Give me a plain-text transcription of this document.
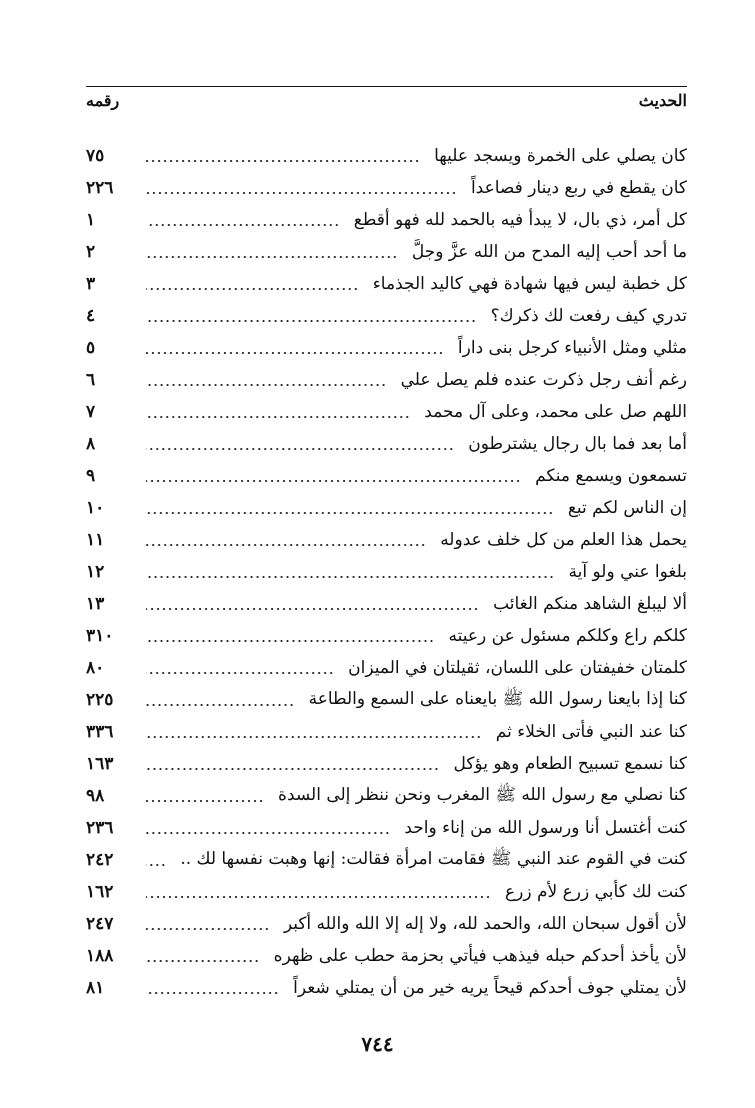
الحديث
رقمه
كان يصلي على الخمرة ويسجد عليها
٧٥
كان يقطع في ربع دينار فصاعداً
٢٢٦
كل أمر، ذي بال، لا يبدأ فيه بالحمد لله فهو أقطع
١
ما أحد أحب إليه المدح من الله عزَّ وجلَّ
٢
كل خطبة ليس فيها شهادة فهي كاليد الجذماء
٣
تدري كيف رفعت لك ذكرك؟
٤
مثلي ومثل الأنبياء كرجل بنى داراً
٥
رغم أنف رجل ذكرت عنده فلم يصل علي
٦
اللهم صل على محمد، وعلى آل محمد
٧
أما بعد فما بال رجال يشترطون
٨
تسمعون ويسمع منكم
٩
إن الناس لكم تبع
١٠
يحمل هذا العلم من كل خلف عدوله
١١
بلغوا عني ولو آية
١٢
ألا ليبلغ الشاهد منكم الغائب
١٣
كلكم راع وكلكم مسئول عن رعيته
٣١٠
كلمتان خفيفتان على اللسان، ثقيلتان في الميزان
٨٠
كنا إذا بايعنا رسول الله ﷺ بايعناه على السمع والطاعة
٢٢٥
كنا عند النبي فأتى الخلاء ثم
٣٣٦
كنا نسمع تسبيح الطعام وهو يؤكل
١٦٣
كنا نصلي مع رسول الله ﷺ المغرب ونحن ننظر إلى السدة
٩٨
كنت أغتسل أنا ورسول الله من إناء واحد
٢٣٦
كنت في القوم عند النبي ﷺ فقامت امرأة فقالت: إنها وهبت نفسها لك ..
٢٤٢
كنت لك كأبي زرع لأم زرع
١٦٢
لأن أقول سبحان الله، والحمد لله، ولا إله إلا الله والله أكبر
٢٤٧
لأن يأخذ أحدكم حبله فيذهب فيأتي بحزمة حطب على ظهره
١٨٨
لأن يمتلي جوف أحدكم قيحاً يريه خير من أن يمتلي شعراً
٨١
٧٤٤
